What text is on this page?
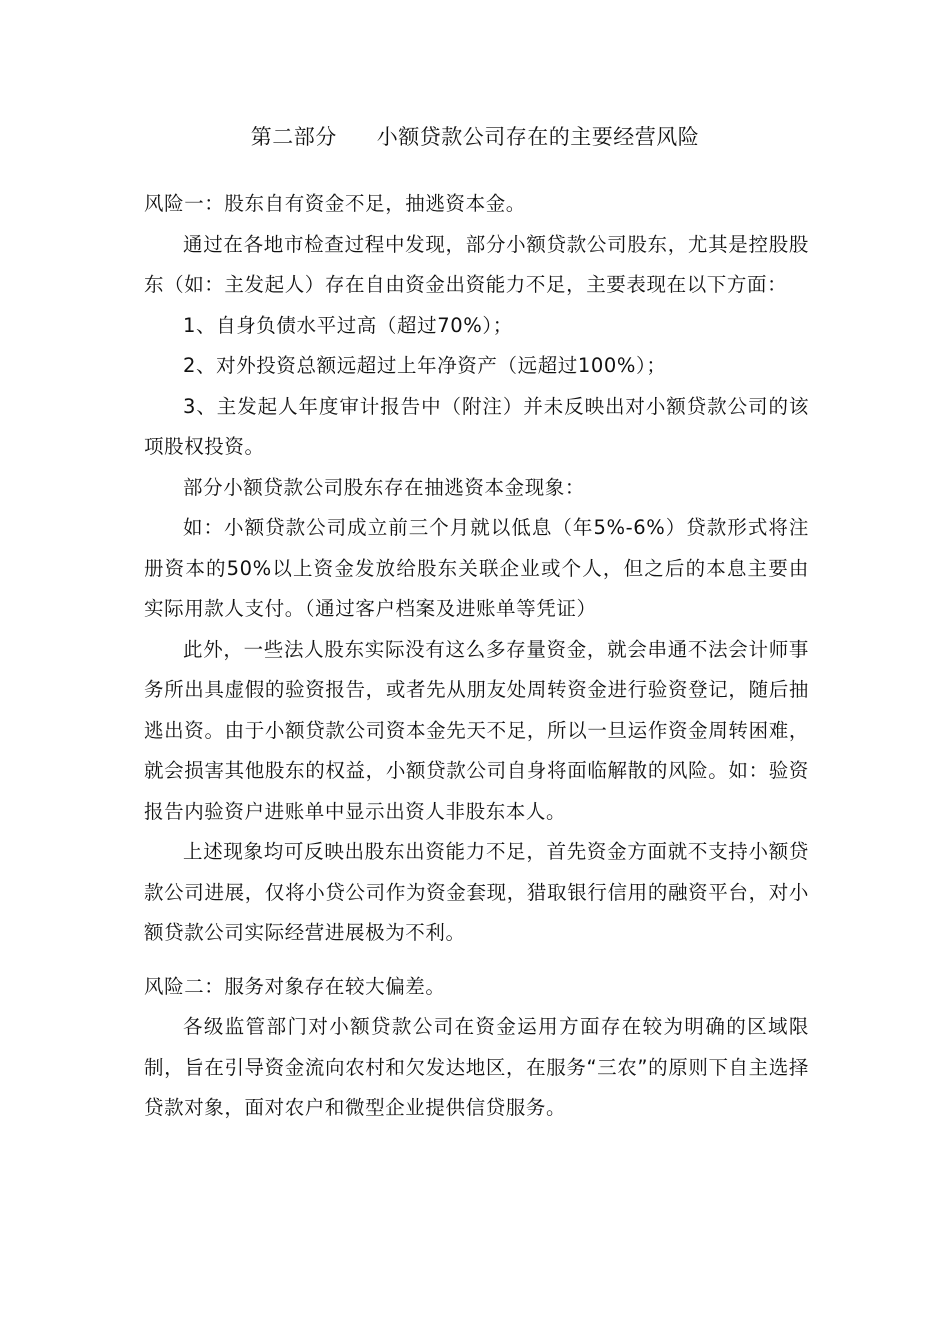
第二部分 小额贷款公司存在的主要经营风险

风险一：股东自有资金不足，抽逃资本金。

通过在各地市检查过程中发现，部分小额贷款公司股东，尤其是控股股东（如：主发起人）存在自由资金出资能力不足，主要表现在以下方面：

1、自身负债水平过高（超过70%）；

2、对外投资总额远超过上年净资产（远超过100%）；

3、主发起人年度审计报告中（附注）并未反映出对小额贷款公司的该项股权投资。

部分小额贷款公司股东存在抽逃资本金现象：

如：小额贷款公司成立前三个月就以低息（年5%-6%）贷款形式将注册资本的50%以上资金发放给股东关联企业或个人，但之后的本息主要由实际用款人支付。（通过客户档案及进账单等凭证）

此外，一些法人股东实际没有这么多存量资金，就会串通不法会计师事务所出具虚假的验资报告，或者先从朋友处周转资金进行验资登记，随后抽逃出资。由于小额贷款公司资本金先天不足，所以一旦运作资金周转困难，就会损害其他股东的权益，小额贷款公司自身将面临解散的风险。如：验资报告内验资户进账单中显示出资人非股东本人。

上述现象均可反映出股东出资能力不足，首先资金方面就不支持小额贷款公司进展，仅将小贷公司作为资金套现，猎取银行信用的融资平台，对小额贷款公司实际经营进展极为不利。

风险二：服务对象存在较大偏差。

各级监管部门对小额贷款公司在资金运用方面存在较为明确的区域限制，旨在引导资金流向农村和欠发达地区，在服务“三农”的原则下自主选择贷款对象，面对农户和微型企业提供信贷服务。
